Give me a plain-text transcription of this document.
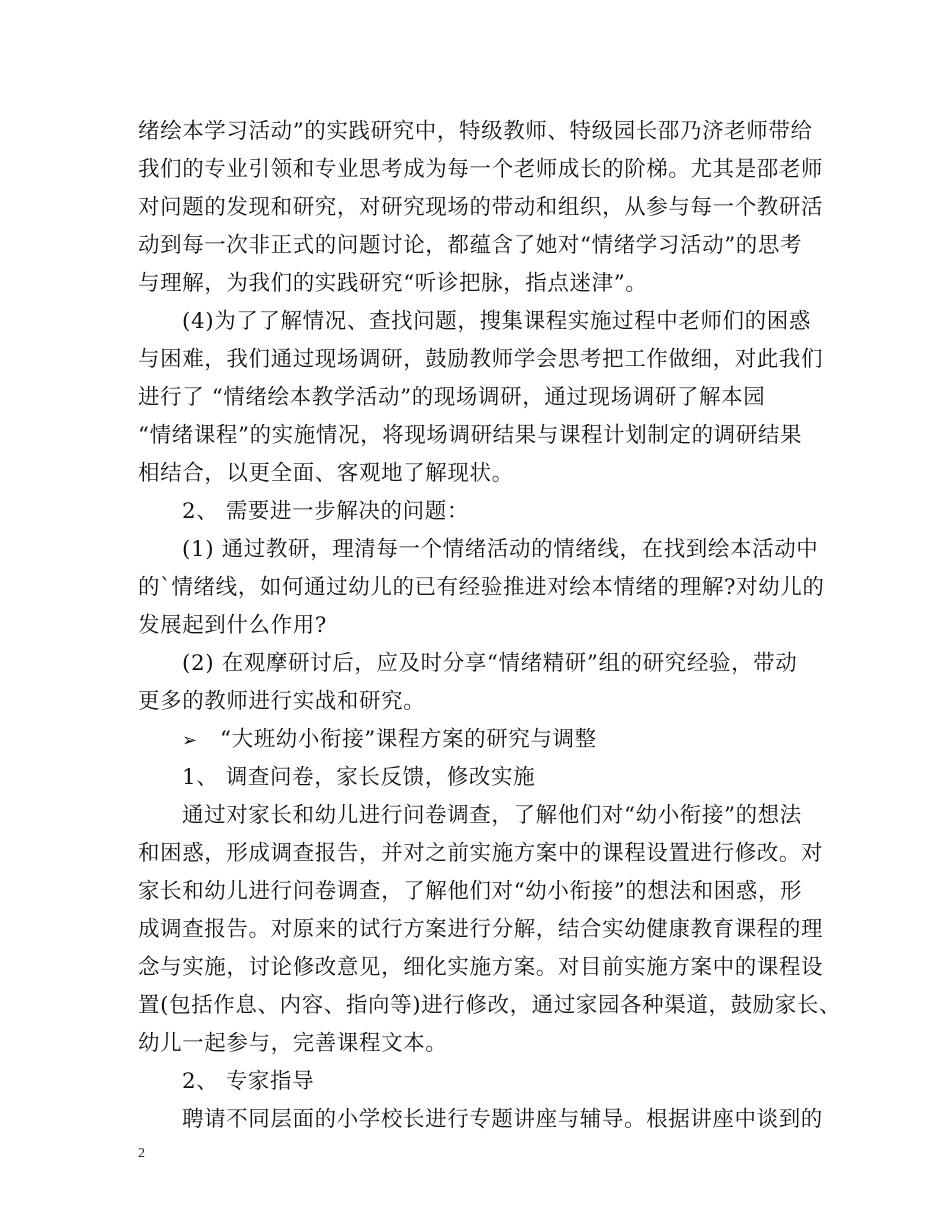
绪绘本学习活动”的实践研究中，特级教师、特级园长邵乃济老师带给
我们的专业引领和专业思考成为每一个老师成长的阶梯。尤其是邵老师
对问题的发现和研究，对研究现场的带动和组织，从参与每一个教研活
动到每一次非正式的问题讨论，都蕴含了她对“情绪学习活动”的思考
与理解，为我们的实践研究“听诊把脉，指点迷津”。
(4)为了了解情况、查找问题，搜集课程实施过程中老师们的困惑
与困难，我们通过现场调研，鼓励教师学会思考把工作做细，对此我们
进行了 “情绪绘本教学活动”的现场调研，通过现场调研了解本园
“情绪课程”的实施情况，将现场调研结果与课程计划制定的调研结果
相结合，以更全面、客观地了解现状。
2、 需要进一步解决的问题：
(1) 通过教研，理清每一个情绪活动的情绪线，在找到绘本活动中
的`情绪线，如何通过幼儿的已有经验推进对绘本情绪的理解?对幼儿的
发展起到什么作用?
(2) 在观摩研讨后，应及时分享“情绪精研”组的研究经验，带动
更多的教师进行实战和研究。
➢ “大班幼小衔接”课程方案的研究与调整
1、 调查问卷，家长反馈，修改实施
通过对家长和幼儿进行问卷调查，了解他们对“幼小衔接”的想法
和困惑，形成调查报告，并对之前实施方案中的课程设置进行修改。对
家长和幼儿进行问卷调查，了解他们对“幼小衔接”的想法和困惑，形
成调查报告。对原来的试行方案进行分解，结合实幼健康教育课程的理
念与实施，讨论修改意见，细化实施方案。对目前实施方案中的课程设
置(包括作息、内容、指向等)进行修改，通过家园各种渠道，鼓励家长、
幼儿一起参与，完善课程文本。
2、 专家指导
聘请不同层面的小学校长进行专题讲座与辅导。根据讲座中谈到的
2
